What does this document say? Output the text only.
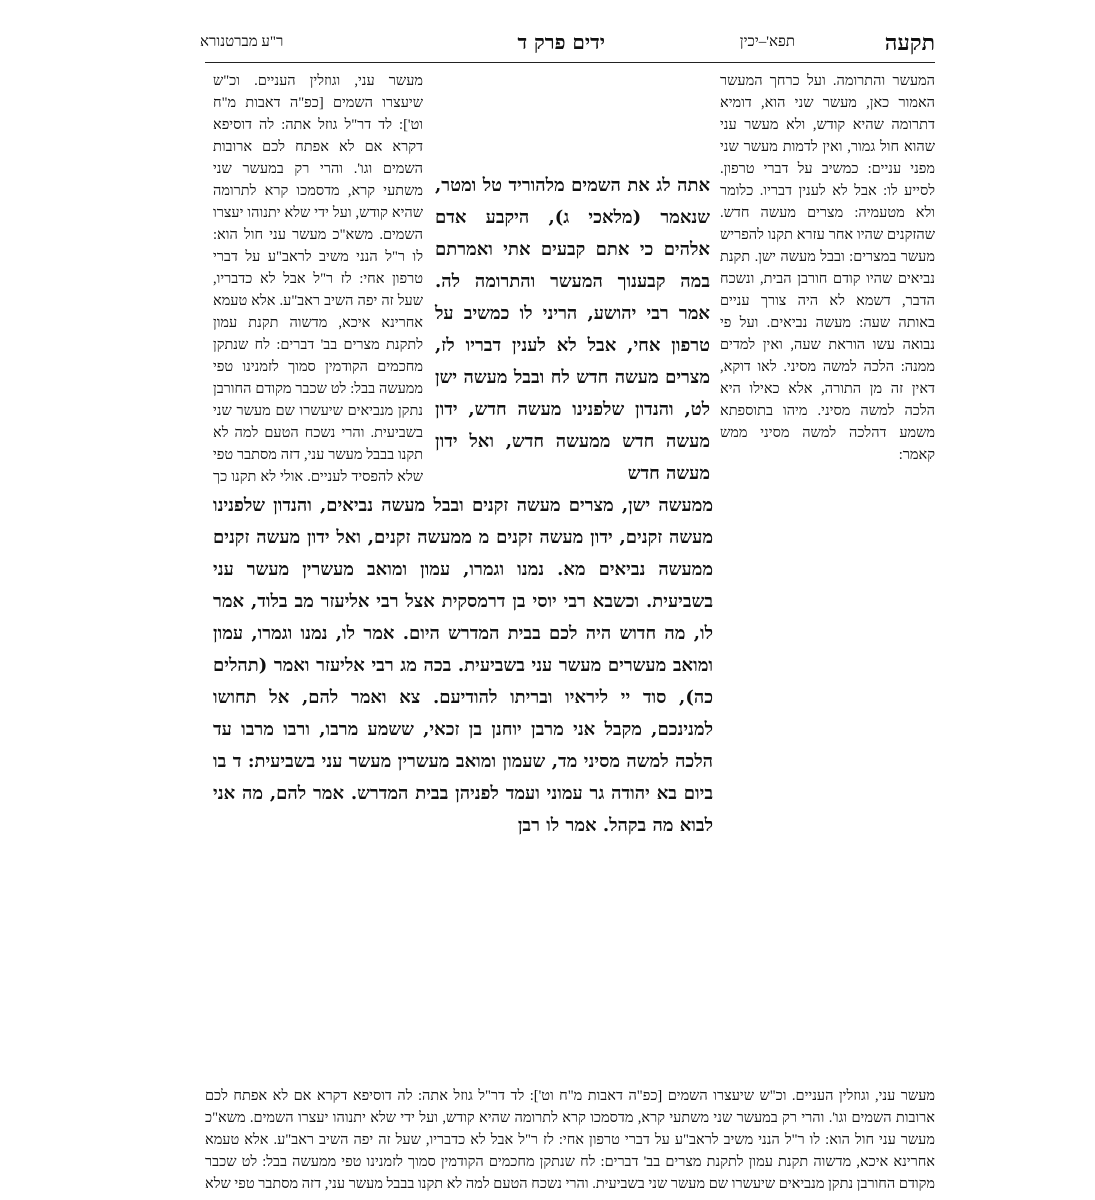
תקעה
תפא'–יכין
ידים פרק ד
ר"ע מברטנורא
המעשר והתרומה. ועל כרחך המעשר האמור כאן, מעשר שני הוא, דומיא דתרומה שהיא קודש, ולא מעשר עני שהוא חול גמור, ואין לדמות מעשר שני מפני עניים: כמשיב על דברי טרפון. לסייע לו: אבל לא לענין דבריו. כלומר ולא מטעמיה: מצרים מעשה חדש. שהזקנים שהיו אחר עזרא תקנו להפריש מעשר במצרים: ובבל מעשה ישן. תקנת נביאים שהיו קודם חורבן הבית, ונשכח הדבר, דשמא לא היה צורך עניים באותה שעה: מעשה נביאים. ועל פי נבואה עשו הוראת שעה, ואין למדים ממנה: הלכה למשה מסיני. לאו דוקא, דאין זה מן התורה, אלא כאילו היא הלכה למשה מסיני. מיהו בתוספתא משמע דהלכה למשה מסיני ממש קאמר:
אתה לג את השמים מלהוריד טל ומטר, שנאמר (מלאכי ג), היקבע אדם אלהים כי אתם קבעים אתי ואמרתם במה קבענוך המעשר והתרומה לה. אמר רבי יהושע, הריני לו כמשיב על טרפון אחי, אבל לא לענין דבריו לז, מצרים מעשה חדש לח ובבל מעשה ישן לט, והנדון שלפנינו מעשה חדש, ידון מעשה חדש ממעשה חדש, ואל ידון מעשה חדש
ממעשה ישן, מצרים מעשה זקנים ובבל מעשה נביאים, והנדון שלפנינו מעשה זקנים, ידון מעשה זקנים מ ממעשה זקנים, ואל ידון מעשה זקנים ממעשה נביאים מא. נמנו וגמרו, עמון ומואב מעשרין מעשר עני בשביעית. וכשבא רבי יוסי בן דרמסקית אצל רבי אליעזר מב בלוד, אמר לו, מה חדוש היה לכם בבית המדרש היום. אמר לו, נמנו וגמרו, עמון ומואב מעשרים מעשר עני בשביעית. בכה מג רבי אליעזר ואמר (תהלים כה), סוד יי ליראיו ובריתו להודיעם. צא ואמר להם, אל תחושו למנינכם, מקבל אני מרבן יוחנן בן זכאי, ששמע מרבו, ורבו מרבו עד הלכה למשה מסיני מד, שעמון ומואב מעשרין מעשר עני בשביעית: ד בו ביום בא יהודה גר עמוני ועמד לפניהן בבית המדרש. אמר להם, מה אני לבוא מה בקהל. אמר לו רבן
מעשר עני, וגוזלין העניים. וכ"ש שיעצרו השמים [כפ"ה דאבות מ"ח וט']: לד דר"ל גוזל אתה: לה דוסיפא דקרא אם לא אפתח לכם ארובות השמים וגו'. והרי רק במעשר שני משתעי קרא, מדסמכו קרא לתרומה שהיא קודש, ועל ידי שלא יתנוהו יעצרו השמים. משא"כ מעשר עני חול הוא: לו ר"ל הנני משיב לראב"ע על דברי טרפון אחי: לז ר"ל אבל לא כדבריו, שעל זה יפה השיב ראב"ע. אלא טעמא אחרינא איכא, מדשוה תקנת עמון לתקנת מצרים בב' דברים: לח שנתקן מחכמים הקודמין סמוך לזמנינו טפי ממעשה בבל: לט שכבר מקודם החורבן נתקן מנביאים שיעשרו שם מעשר שני בשביעית. והרי נשכח הטעם למה לא תקנו בבבל מעשר עני, דזה מסתבר טפי שלא להפסיד לעניים. אולי לא תקנו כך
מעשר עני, וגוזלין העניים. וכ"ש שיעצרו השמים [כפ"ה דאבות מ"ח וט']: לד דר"ל גוזל אתה: לה דוסיפא דקרא אם לא אפתח לכם ארובות השמים וגו'. והרי רק במעשר שני משתעי קרא, מדסמכו קרא לתרומה שהיא קודש, ועל ידי שלא יתנוהו יעצרו השמים. משא"כ מעשר עני חול הוא: לו ר"ל הנני משיב לראב"ע על דברי טרפון אחי: לז ר"ל אבל לא כדבריו, שעל זה יפה השיב ראב"ע. אלא טעמא אחרינא איכא, מדשוה תקנת עמון לתקנת מצרים בב' דברים: לח שנתקן מחכמים הקודמין סמוך לזמנינו טפי ממעשה בבל: לט שכבר מקודם החורבן נתקן מנביאים שיעשרו שם מעשר שני בשביעית. והרי נשכח הטעם למה לא תקנו בבבל מעשר עני, דזה מסתבר טפי שלא
